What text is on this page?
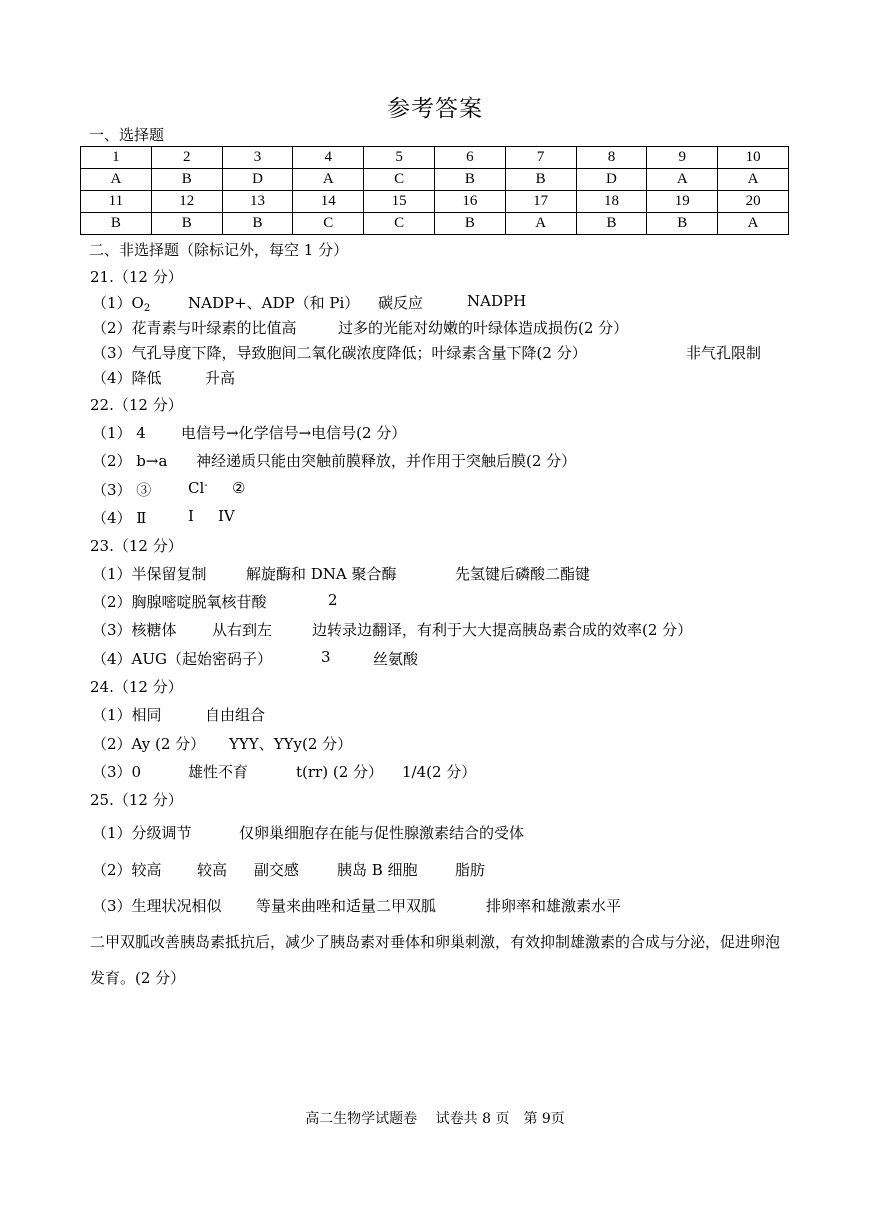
参考答案
一、选择题
1	2	3	4	5	6	7	8	9	10
A	B	D	A	C	B	B	D	A	A
11	12	13	14	15	16	17	18	19	20
B	B	B	C	C	B	A	B	B	A
二、非选择题（除标记外，每空 1 分）
21.（12 分）
$(1)O_2$	NADP+、ADP（和 Pi） 碳反应	NADPH
（2）花青素与叶绿素的比值高	过多的光能对幼嫩的叶绿体造成损伤(2 分）
（3）气孔导度下降，导致胞间二氧化碳浓度降低；叶绿素含量下降(2 分）	非气孔限制
（4）降低	升高
22.（12 分）
（1） 4 电信号→化学信号→电信号(2 分）
（2） b→a 神经递质只能由突触前膜释放，并作用于突触后膜(2 分）
（3） ③ Cl- ②
（4） Ⅱ	I IV
23.（12 分）
（1）半保留复制	解旋酶和 DNA 聚合酶	先氢键后磷酸二酯键
（2）胸腺嘧啶脱氧核苷酸	2
（3）核糖体 从右到左	边转录边翻译，有利于大大提高胰岛素合成的效率(2 分）
（4）AUG（起始密码子）	3	丝氨酸
24.（12 分）
（1）相同	自由组合
（2）Ay (2 分） YYY、YYy(2 分）
（3）0	雄性不育	t(rr) (2 分） 1/4(2 分）
25.（12 分）
（1）分级调节	仅卵巢细胞存在能与促性腺激素结合的受体
（2）较高 较高 副交感	胰岛 B 细胞 脂肪
（3）生理状况相似 等量来曲唑和适量二甲双胍	排卵率和雄激素水平
二甲双胍改善胰岛素抵抗后，减少了胰岛素对垂体和卵巢刺激，有效抑制雄激素的合成与分泌，促进卵泡发育。(2 分）
高二生物学试题卷　 试卷共 8 页　第 9页
